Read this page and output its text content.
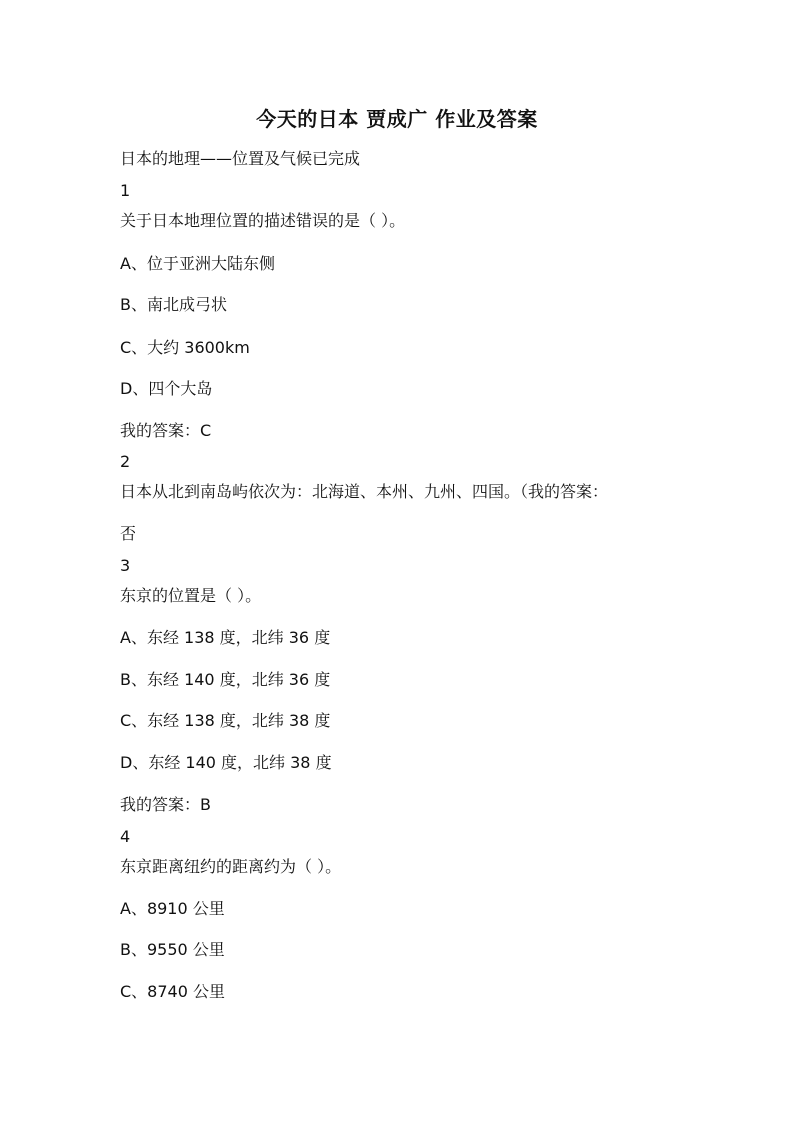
今天的日本 贾成广 作业及答案
日本的地理——位置及气候已完成
1
关于日本地理位置的描述错误的是（ ）。
A、位于亚洲大陆东侧
B、南北成弓状
C、大约 3600km
D、四个大岛
我的答案：C
2
日本从北到南岛屿依次为：北海道、本州、九州、四国。（我的答案：
否
3
东京的位置是（ ）。
A、东经 138 度，北纬 36 度
B、东经 140 度，北纬 36 度
C、东经 138 度，北纬 38 度
D、东经 140 度，北纬 38 度
我的答案：B
4
东京距离纽约的距离约为（ ）。
A、8910 公里
B、9550 公里
C、8740 公里
